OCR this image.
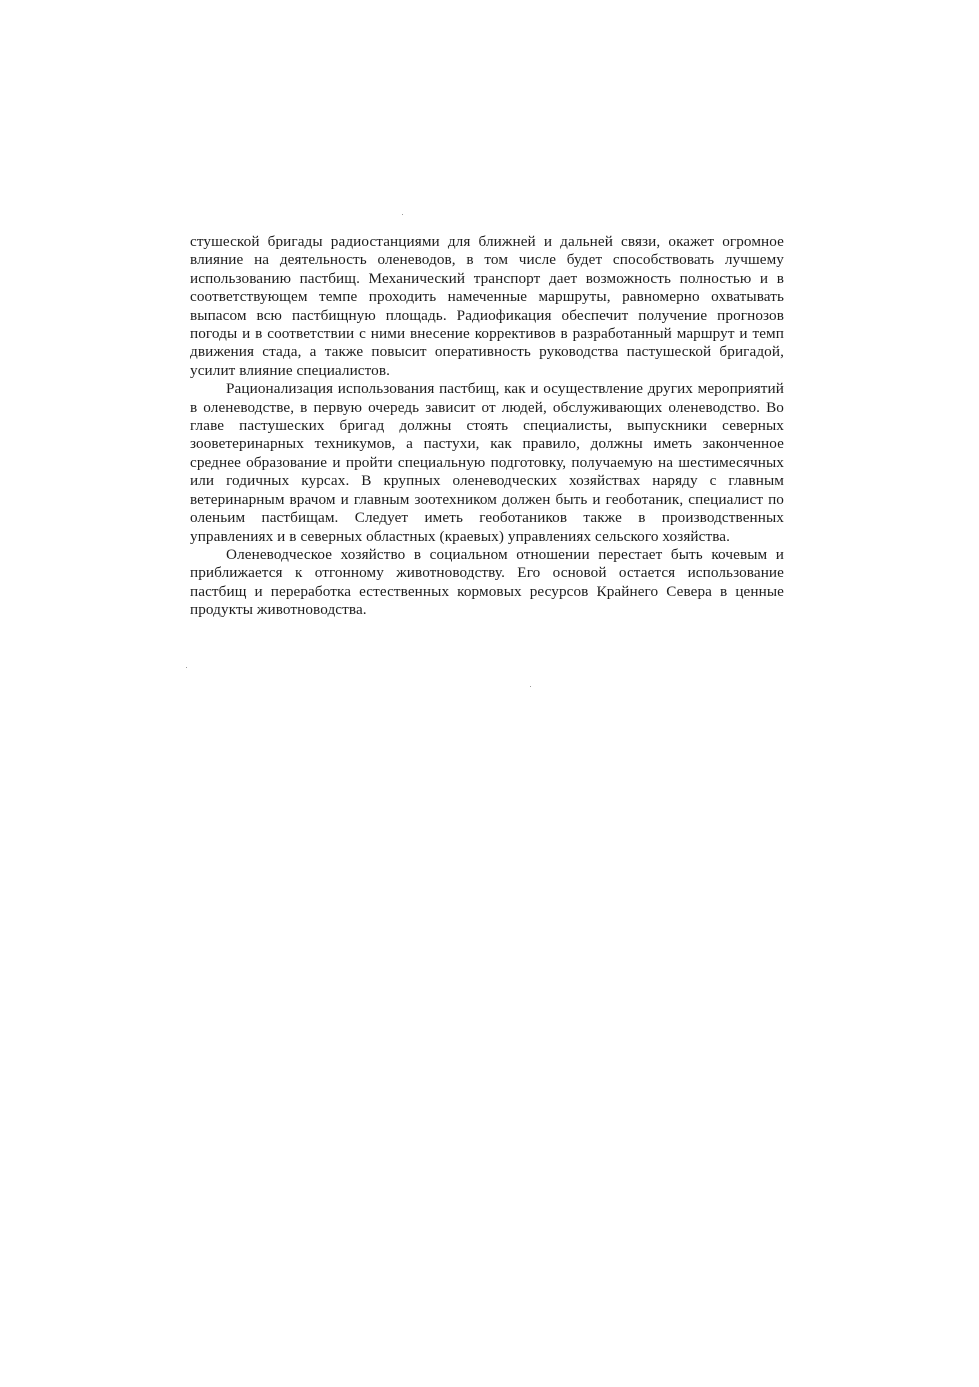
стушеской бригады радиостанциями для ближней и дальней связи, окажет огромное влияние на деятельность оленеводов, в том числе будет способствовать лучшему использованию пастбищ. Механический транспорт дает возможность полностью и в соответствующем темпе проходить намеченные маршруты, равномерно охватывать выпасом всю пастбищную площадь. Радиофикация обеспечит получение прогнозов погоды и в соответствии с ними внесение коррективов в разработанный маршрут и темп движения стада, а также повысит оперативность руководства пастушеской бригадой, усилит влияние специалистов.

Рационализация использования пастбищ, как и осуществление других мероприятий в оленеводстве, в первую очередь зависит от людей, обслуживающих оленеводство. Во главе пастушеских бригад должны стоять специалисты, выпускники северных зооветеринарных техникумов, а пастухи, как правило, должны иметь законченное среднее образование и пройти специальную подготовку, получаемую на шестимесячных или годичных курсах. В крупных оленеводческих хозяйствах наряду с главным ветеринарным врачом и главным зоотехником должен быть и геоботаник, специалист по оленьим пастбищам. Следует иметь геоботаников также в производственных управлениях и в северных областных (краевых) управлениях сельского хозяйства.

Оленеводческое хозяйство в социальном отношении перестает быть кочевым и приближается к отгонному животноводству. Его основой остается использование пастбищ и переработка естественных кормовых ресурсов Крайнего Севера в ценные продукты животноводства.
